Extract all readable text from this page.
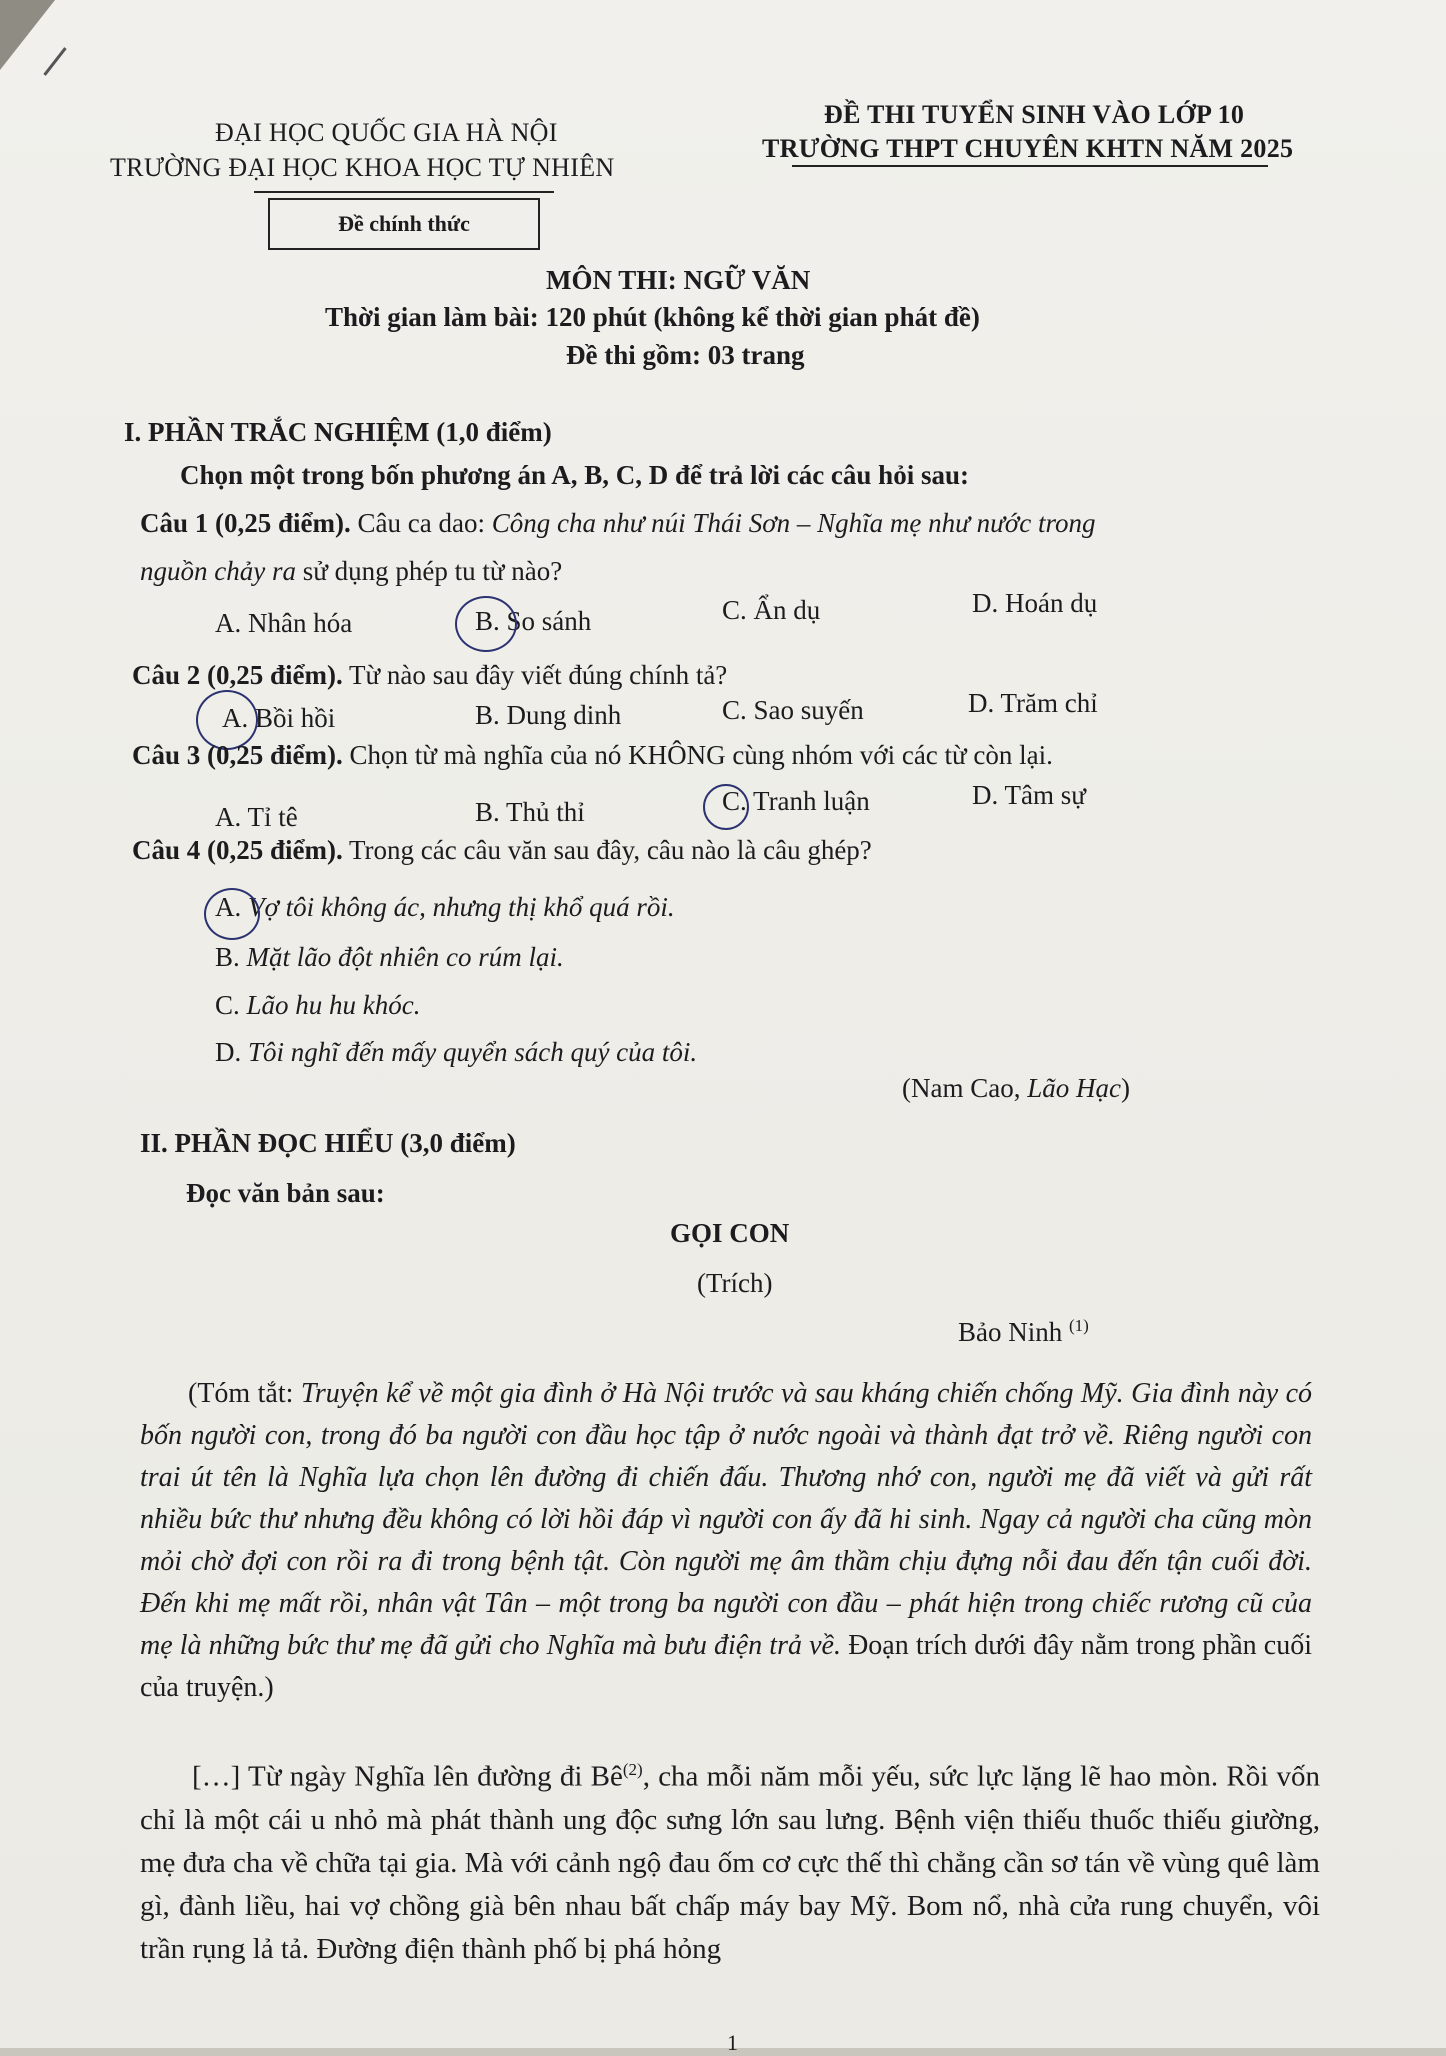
ĐẠI HỌC QUỐC GIA HÀ NỘI
TRƯỜNG ĐẠI HỌC KHOA HỌC TỰ NHIÊN
Đề chính thức
ĐỀ THI TUYỂN SINH VÀO LỚP 10
TRƯỜNG THPT CHUYÊN KHTN NĂM 2025
MÔN THI: NGỮ VĂN
Thời gian làm bài: 120 phút (không kể thời gian phát đề)
Đề thi gồm: 03 trang
I. PHẦN TRẮC NGHIỆM (1,0 điểm)
Chọn một trong bốn phương án A, B, C, D để trả lời các câu hỏi sau:
Câu 1 (0,25 điểm). Câu ca dao: Công cha như núi Thái Sơn – Nghĩa mẹ như nước trong
nguồn chảy ra sử dụng phép tu từ nào?
A. Nhân hóa	B. So sánh	C. Ẩn dụ	D. Hoán dụ
Câu 2 (0,25 điểm). Từ nào sau đây viết đúng chính tả?
A. Bồi hồi	B. Dung dinh	C. Sao suyến	D. Trăm chỉ
Câu 3 (0,25 điểm). Chọn từ mà nghĩa của nó KHÔNG cùng nhóm với các từ còn lại.
A. Tỉ tê	B. Thủ thỉ	C. Tranh luận	D. Tâm sự
Câu 4 (0,25 điểm). Trong các câu văn sau đây, câu nào là câu ghép?
A. Vợ tôi không ác, nhưng thị khổ quá rồi.
B. Mặt lão đột nhiên co rúm lại.
C. Lão hu hu khóc.
D. Tôi nghĩ đến mấy quyển sách quý của tôi.
(Nam Cao, Lão Hạc)
II. PHẦN ĐỌC HIỂU (3,0 điểm)
Đọc văn bản sau:
GỌI CON
(Trích)
Bảo Ninh $^{(1)}$
(Tóm tắt: Truyện kể về một gia đình ở Hà Nội trước và sau kháng chiến chống Mỹ. Gia đình này có bốn người con, trong đó ba người con đầu học tập ở nước ngoài và thành đạt trở về. Riêng người con trai út tên là Nghĩa lựa chọn lên đường đi chiến đấu. Thương nhớ con, người mẹ đã viết và gửi rất nhiều bức thư nhưng đều không có lời hồi đáp vì người con ấy đã hi sinh. Ngay cả người cha cũng mòn mỏi chờ đợi con rồi ra đi trong bệnh tật. Còn người mẹ âm thầm chịu đựng nỗi đau đến tận cuối đời. Đến khi mẹ mất rồi, nhân vật Tân – một trong ba người con đầu – phát hiện trong chiếc rương cũ của mẹ là những bức thư mẹ đã gửi cho Nghĩa mà bưu điện trả về. Đoạn trích dưới đây nằm trong phần cuối của truyện.)
[…] Từ ngày Nghĩa lên đường đi $Bê^{(2)}$, cha mỗi năm mỗi yếu, sức lực lặng lẽ hao mòn. Rồi vốn chỉ là một cái u nhỏ mà phát thành ung độc sưng lớn sau lưng. Bệnh viện thiếu thuốc thiếu giường, mẹ đưa cha về chữa tại gia. Mà với cảnh ngộ đau ốm cơ cực thế thì chẳng cần sơ tán về vùng quê làm gì, đành liều, hai vợ chồng già bên nhau bất chấp máy bay Mỹ. Bom nổ, nhà cửa rung chuyển, vôi trần rụng lả tả. Đường điện thành phố bị phá hỏng
1
